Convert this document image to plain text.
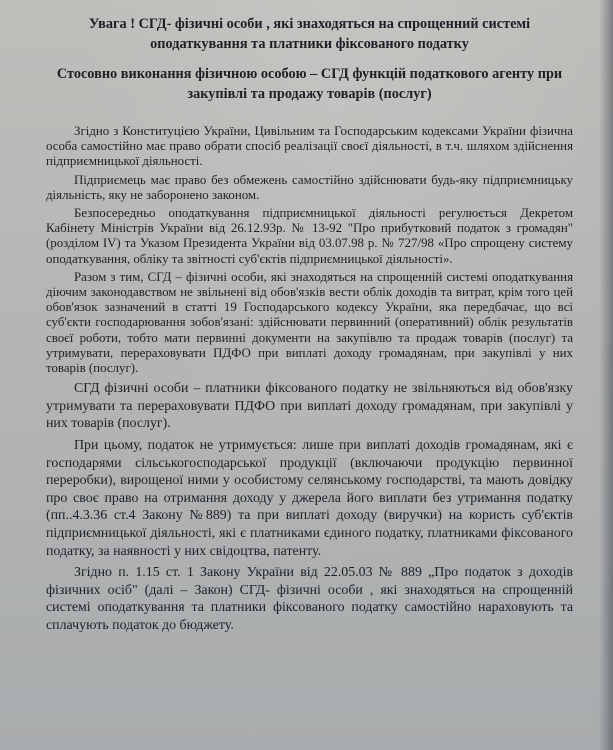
Увага ! СГД- фізичні особи , які знаходяться на спрощенний системі оподаткування та платники фіксованого податку
Стосовно виконання фізичною особою – СГД функцій податкового агенту при закупівлі та продажу товарів (послуг)

Згідно з Конституцією України, Цивільним та Господарським кодексами України фізична особа самостійно має право обрати спосіб реалізації своєї діяльності, в т.ч. шляхом здійснення підприємницької діяльності.

Підприємець має право без обмежень самостійно здійснювати будь-яку підприємницьку діяльність, яку не заборонено законом.

Безпосередньо оподаткування підприємницької діяльності регулюється Декретом Кабінету Міністрів України від 26.12.93р. № 13-92 "Про прибутковий податок з громадян" (розділом IV) та Указом Президента України від 03.07.98 р. № 727/98 «Про спрощену систему оподаткування, обліку та звітності суб'єктів підприємницької діяльності».

Разом з тим, СГД – фізичні особи, які знаходяться на спрощенній системі оподаткування діючим законодавством не звільнені від обов'язків вести облік доходів та витрат, крім того цей обов'язок зазначений в статті 19 Господарського кодексу України, яка передбачає, що всі суб'єкти господарювання зобов'язані: здійснювати первинний (оперативний) облік результатів своєї роботи, тобто мати первинні документи на закупівлю та продаж товарів (послуг) та утримувати, перераховувати ПДФО при виплаті доходу громадянам, при закупівлі у них товарів (послуг).

СГД фізичні особи – платники фіксованого податку не звільняються від обов'язку утримувати та перераховувати ПДФО при виплаті доходу громадянам, при закупівлі у них товарів (послуг).

При цьому, податок не утримується: лише при виплаті доходів громадянам, які є господарями сільськогосподарської продукції (включаючи продукцію первинної переробки), вирощеної ними у особистому селянському господарстві, та мають довідку про своє право на отримання доходу у джерела його виплати без утримання податку (пп..4.3.36 ст.4 Закону №889) та при виплаті доходу (виручки) на користь суб'єктів підприємницької діяльності, які є платниками єдиного податку, платниками фіксованого податку, за наявності у них свідоцтва, патенту.

Згідно п. 1.15 ст. 1 Закону України від 22.05.03 № 889 „Про податок з доходів фізичних осіб" (далі – Закон) СГД- фізичні особи , які знаходяться на спрощенній системі оподаткування та платники фіксованого податку самостійно нараховують та сплачують податок до бюджету.
